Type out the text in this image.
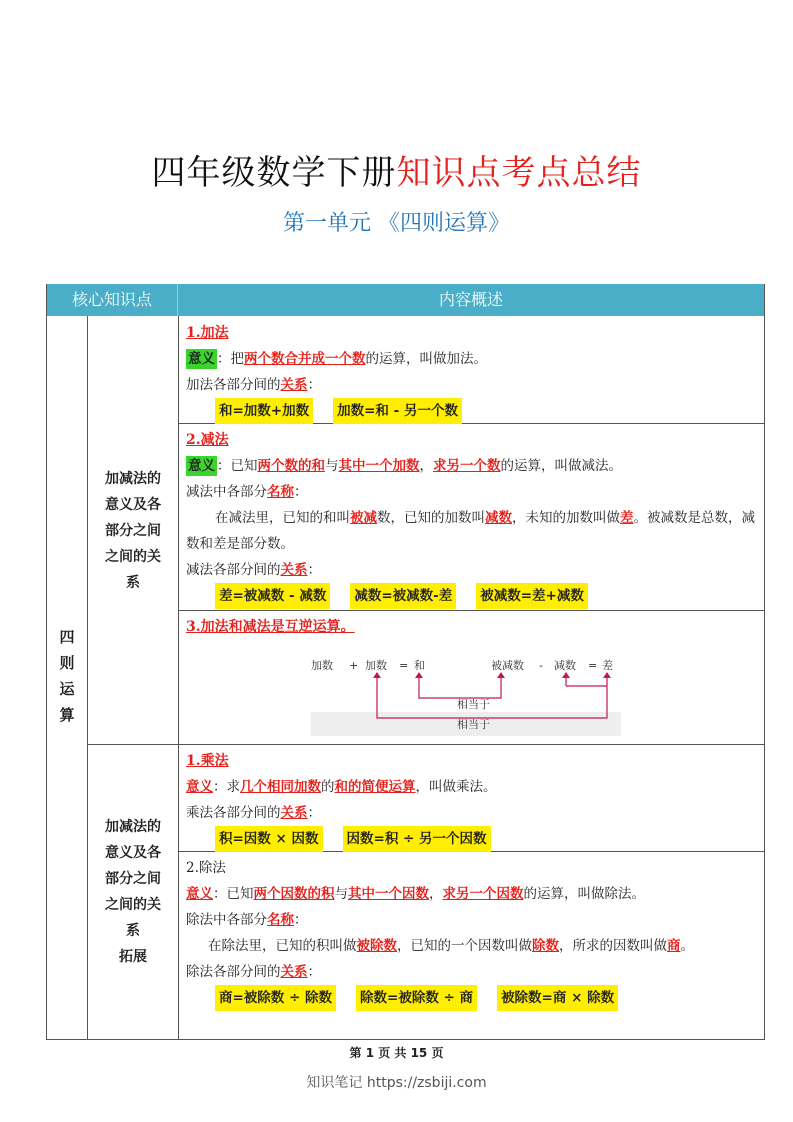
四年级数学下册知识点考点总结
第一单元 《四则运算》
核心知识点	内容概述
四
则
运
算
加减法的
意义及各
部分之间
之间的关
系
加减法的
意义及各
部分之间
之间的关
系
拓展
1.加法
意义 ：把两个数合并成一个数的运算，叫做加法。
加法各部分间的关系：
和=加数+加数 加数=和 - 另一个数
2.减法
意义 ：已知两个数的和与其中一个加数，求另一个数的运算，叫做减法。
减法中各部分名称：
在减法里，已知的和叫被减数，已知的加数叫减数，未知的加数叫做差。被减数是总数，减数和差是部分数。
减法各部分间的关系：
差=被减数 - 减数 减数=被减数-差 被减数=差+减数
3.加法和减法是互逆运算。
加数 + 加数 = 和	被减数 - 减数 = 差
相当于
相当于
1.乘法
意义：求几个相同加数的和的简便运算，叫做乘法。
乘法各部分间的关系：
积=因数 × 因数 因数=积 ÷ 另一个因数
2.除法
意义：已知两个因数的积与其中一个因数，求另一个因数的运算，叫做除法。
除法中各部分名称：
在除法里，已知的积叫做被除数，已知的一个因数叫做除数，所求的因数叫做商。
除法各部分间的关系：
商=被除数 ÷ 除数 除数=被除数 ÷ 商 被除数=商 × 除数
第 1 页 共 15 页
知识笔记 https://zsbiji.com
